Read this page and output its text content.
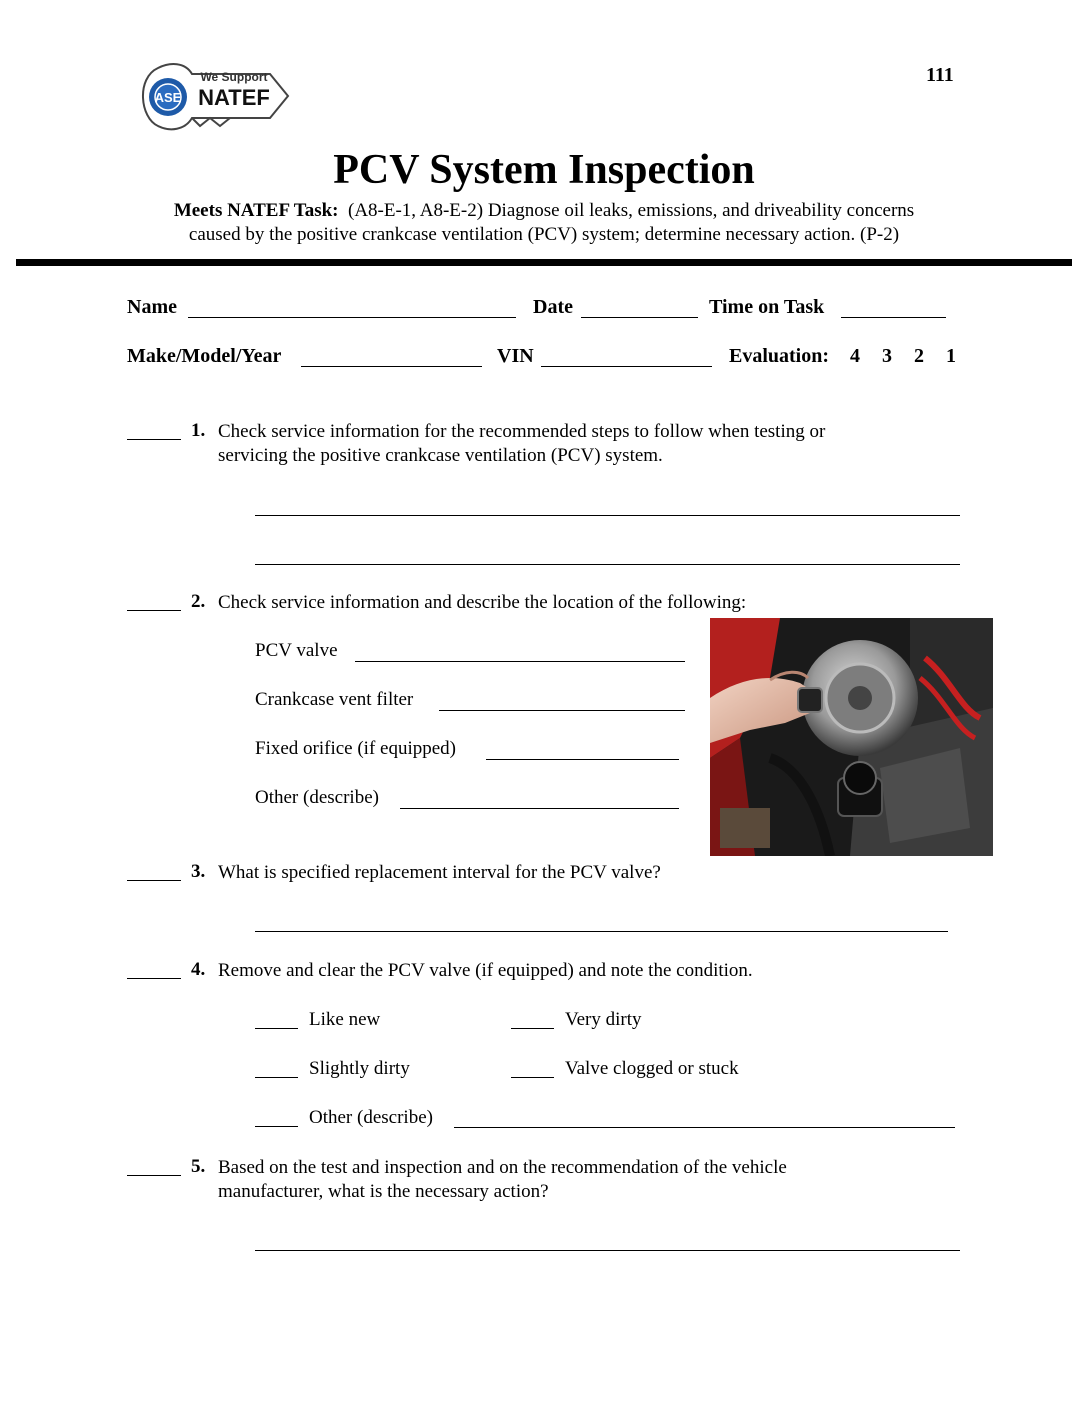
ASE
We Support
NATEF
111
PCV System Inspection
Meets NATEF Task: (A8-E-1, A8-E-2) Diagnose oil leaks, emissions, and driveability concerns
caused by the positive crankcase ventilation (PCV) system; determine necessary action. (P-2)
Name	Date	Time on Task
Make/Model/Year	VIN	Evaluation: 4 3 2 1
1. Check service information for the recommended steps to follow when testing or
servicing the positive crankcase ventilation (PCV) system.
2. Check service information and describe the location of the following:
PCV valve
Crankcase vent filter
Fixed orifice (if equipped)
Other (describe)
3. What is specified replacement interval for the PCV valve?
4. Remove and clear the PCV valve (if equipped) and note the condition.
Like new	Very dirty
Slightly dirty	Valve clogged or stuck
Other (describe)
5. Based on the test and inspection and on the recommendation of the vehicle
manufacturer, what is the necessary action?
